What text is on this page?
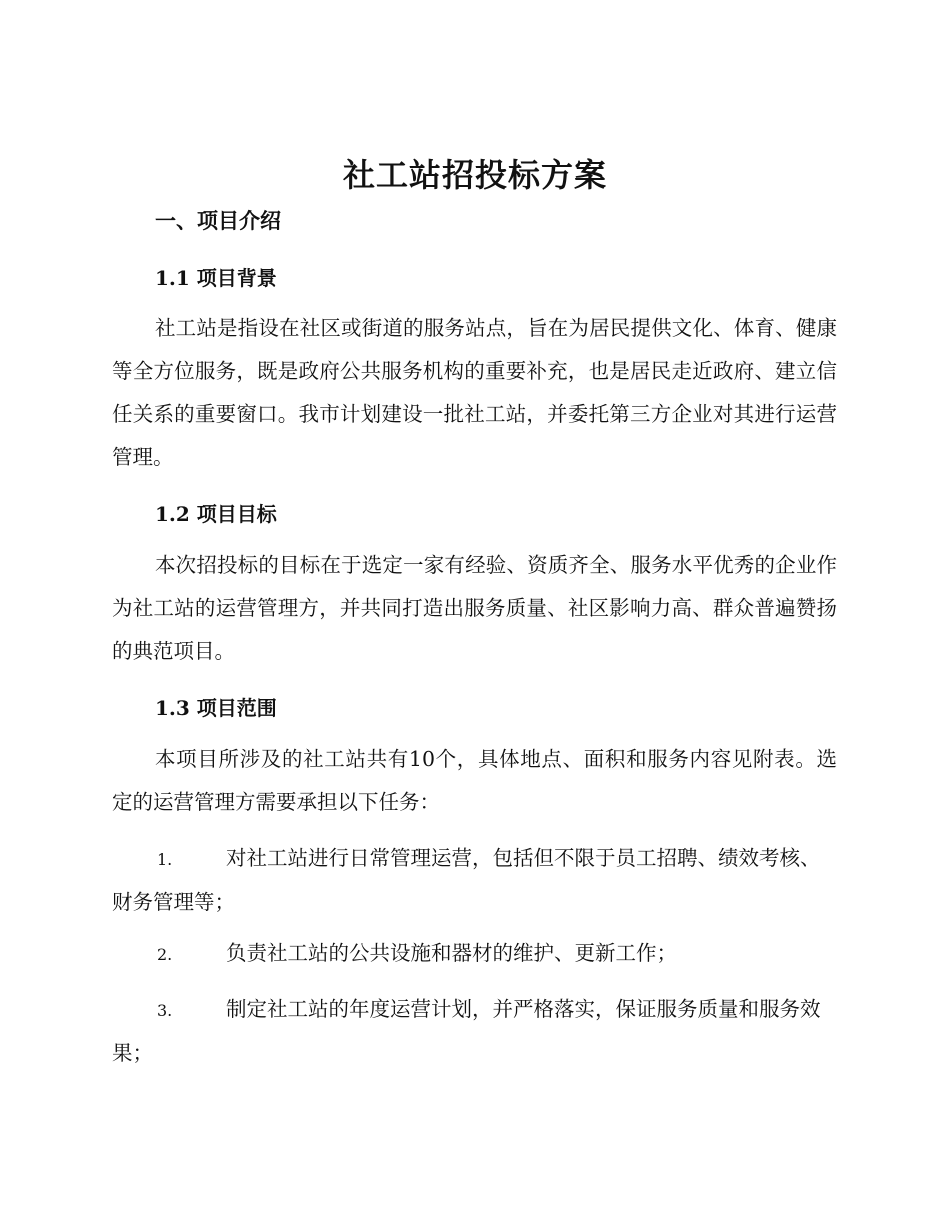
社工站招投标方案
一、项目介绍
1.1 项目背景
社工站是指设在社区或街道的服务站点，旨在为居民提供文化、体育、健康等全方位服务，既是政府公共服务机构的重要补充，也是居民走近政府、建立信任关系的重要窗口。我市计划建设一批社工站，并委托第三方企业对其进行运营管理。
1.2 项目目标
本次招投标的目标在于选定一家有经验、资质齐全、服务水平优秀的企业作为社工站的运营管理方，并共同打造出服务质量、社区影响力高、群众普遍赞扬的典范项目。
1.3 项目范围
本项目所涉及的社工站共有10个，具体地点、面积和服务内容见附表。选定的运营管理方需要承担以下任务：
1.	对社工站进行日常管理运营，包括但不限于员工招聘、绩效考核、财务管理等；
2.	负责社工站的公共设施和器材的维护、更新工作；
3.	制定社工站的年度运营计划，并严格落实，保证服务质量和服务效果；
